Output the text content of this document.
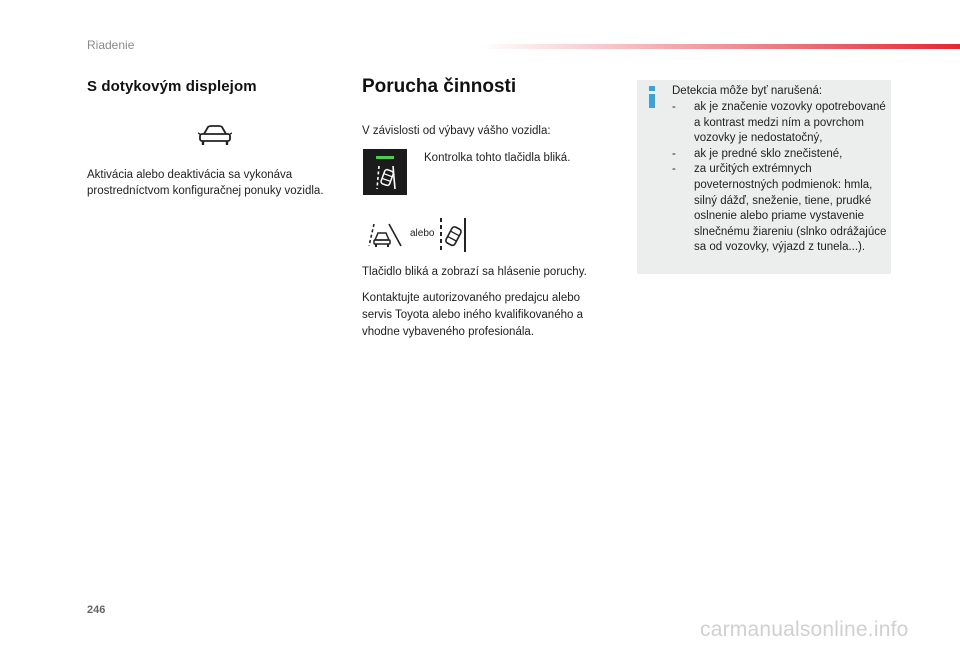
Riadenie
S dotykovým displejom
Aktivácia alebo deaktivácia sa vykonáva prostredníctvom konfiguračnej ponuky vozidla.
Porucha činnosti
V závislosti od výbavy vášho vozidla:
Kontrolka tohto tlačidla bliká.
alebo
Tlačidlo bliká a zobrazí sa hlásenie poruchy.
Kontaktujte autorizovaného predajcu alebo servis Toyota alebo iného kvalifikovaného a vhodne vybaveného profesionála.
Detekcia môže byť narušená:
- ak je značenie vozovky opotrebované a kontrast medzi ním a povrchom vozovky je nedostatočný,
- ak je predné sklo znečistené,
- za určitých extrémnych poveternostných podmienok: hmla, silný dážď, sneženie, tiene, prudké oslnenie alebo priame vystavenie slnečnému žiareniu (slnko odrážajúce sa od vozovky, výjazd z tunela...).
246
carmanualsonline.info
